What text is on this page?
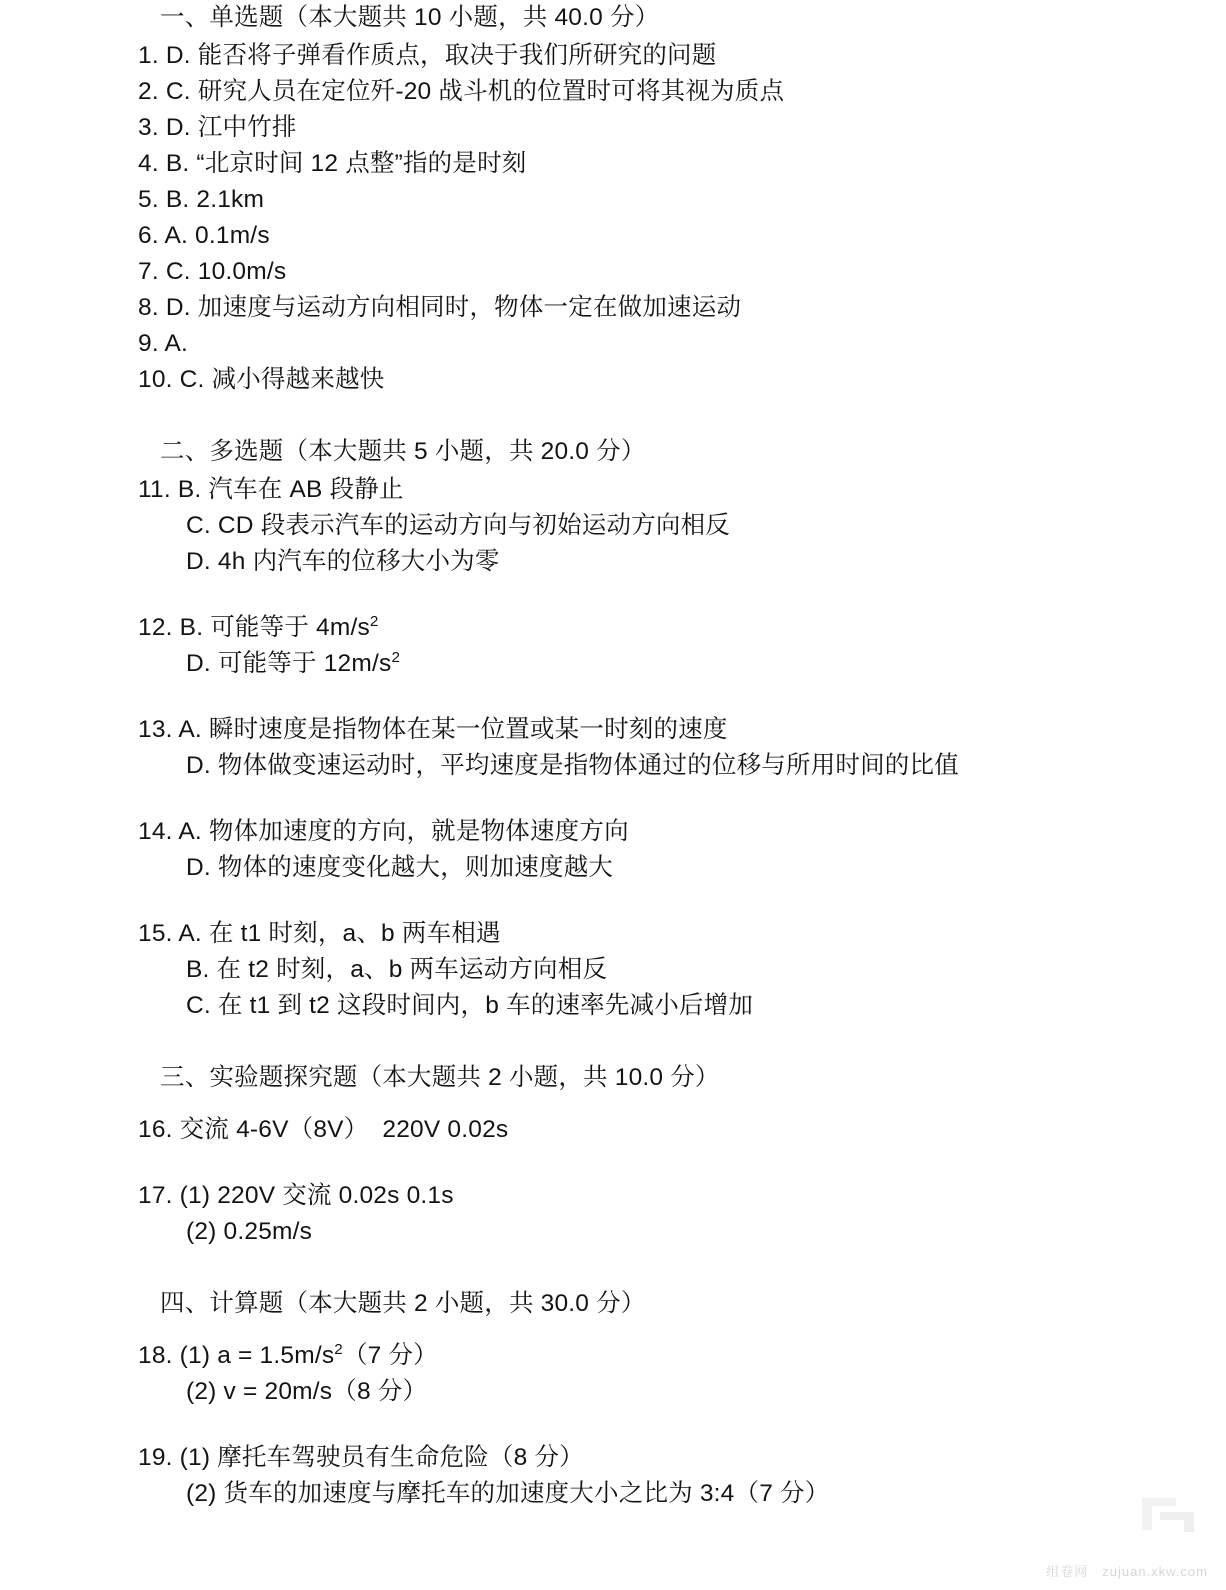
一、单选题（本大题共 10 小题，共 40.0 分）
1. D. 能否将子弹看作质点，取决于我们所研究的问题
2. C. 研究人员在定位歼-20 战斗机的位置时可将其视为质点
3. D. 江中竹排
4. B. “北京时间 12 点整”指的是时刻
5. B. 2.1km
6. A. 0.1m/s
7. C. 10.0m/s
8. D. 加速度与运动方向相同时，物体一定在做加速运动
9. A.
10. C. 减小得越来越快
二、多选题（本大题共 5 小题，共 20.0 分）
11. B. 汽车在 AB 段静止
C. CD 段表示汽车的运动方向与初始运动方向相反
D. 4h 内汽车的位移大小为零
12. B. 可能等于 $4m/s^2$
D. 可能等于 $12m/s^2$
13. A. 瞬时速度是指物体在某一位置或某一时刻的速度
D. 物体做变速运动时，平均速度是指物体通过的位移与所用时间的比值
14. A. 物体加速度的方向，就是物体速度方向
D. 物体的速度变化越大，则加速度越大
15. A. 在 t1 时刻，a、b 两车相遇
B. 在 t2 时刻，a、b 两车运动方向相反
C. 在 t1 到 t2 这段时间内，b 车的速率先减小后增加
三、实验题探究题（本大题共 2 小题，共 10.0 分）
16. 交流 4-6V（8V）  220V 0.02s
17. (1) 220V 交流 0.02s 0.1s
(2) 0.25m/s
四、计算题（本大题共 2 小题，共 30.0 分）
18. (1) $a = 1.5m/s^2(7$ 分）
(2) v = 20m/s（8 分）
19. (1) 摩托车驾驶员有生命危险（8 分）
(2) 货车的加速度与摩托车的加速度大小之比为 3:4（7 分）
组卷网 zujuan.xkw.com
